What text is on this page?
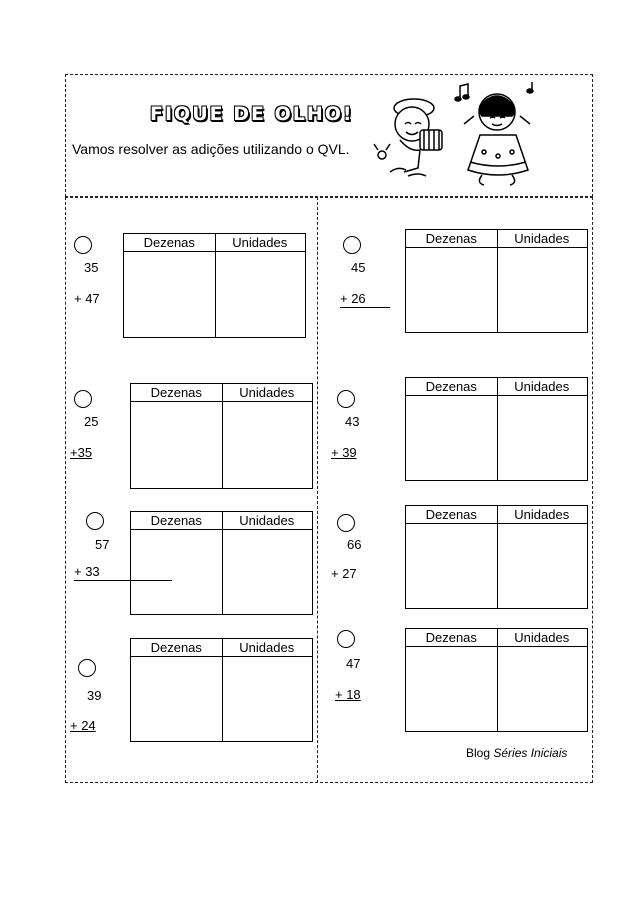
FIQUE DE OLHO!
Vamos resolver as adições utilizando o QVL.
35
+ 47
Dezenas	Unidades
45
+ 26
Dezenas	Unidades
25
+35
Dezenas	Unidades
43
+ 39
Dezenas	Unidades
57
+ 33
Dezenas	Unidades
66
+ 27
Dezenas	Unidades
39
+ 24
Dezenas	Unidades
47
+ 18
Dezenas	Unidades
Blog Séries Iniciais
